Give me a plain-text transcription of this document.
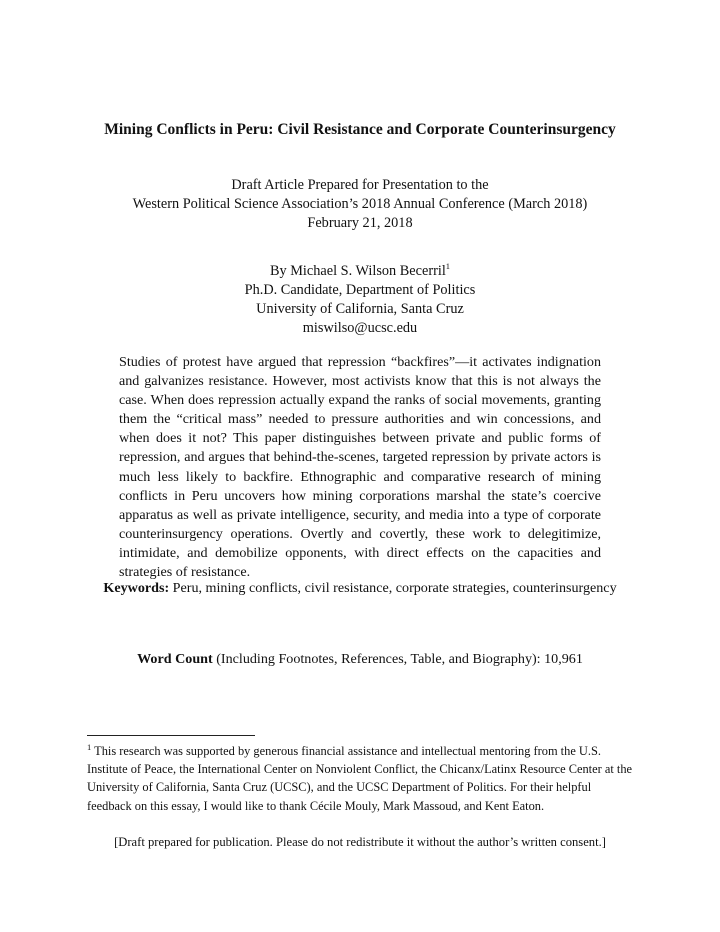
Mining Conflicts in Peru: Civil Resistance and Corporate Counterinsurgency
Draft Article Prepared for Presentation to the
Western Political Science Association’s 2018 Annual Conference (March 2018)
February 21, 2018
By Michael S. Wilson Becerril$^1$
Ph.D. Candidate, Department of Politics
University of California, Santa Cruz
miswilso@ucsc.edu
Studies of protest have argued that repression “backfires”—it activates indignation and galvanizes resistance. However, most activists know that this is not always the case. When does repression actually expand the ranks of social movements, granting them the “critical mass” needed to pressure authorities and win concessions, and when does it not? This paper distinguishes between private and public forms of repression, and argues that behind-the-scenes, targeted repression by private actors is much less likely to backfire. Ethnographic and comparative research of mining conflicts in Peru uncovers how mining corporations marshal the state’s coercive apparatus as well as private intelligence, security, and media into a type of corporate counterinsurgency operations. Overtly and covertly, these work to delegitimize, intimidate, and demobilize opponents, with direct effects on the capacities and strategies of resistance.
Keywords: Peru, mining conflicts, civil resistance, corporate strategies, counterinsurgency
Word Count (Including Footnotes, References, Table, and Biography): 10,961
$^1$ This research was supported by generous financial assistance and intellectual mentoring from the U.S. Institute of Peace, the International Center on Nonviolent Conflict, the Chicanx/Latinx Resource Center at the University of California, Santa Cruz (UCSC), and the UCSC Department of Politics. For their helpful feedback on this essay, I would like to thank Cécile Mouly, Mark Massoud, and Kent Eaton.
[Draft prepared for publication. Please do not redistribute it without the author’s written consent.]
